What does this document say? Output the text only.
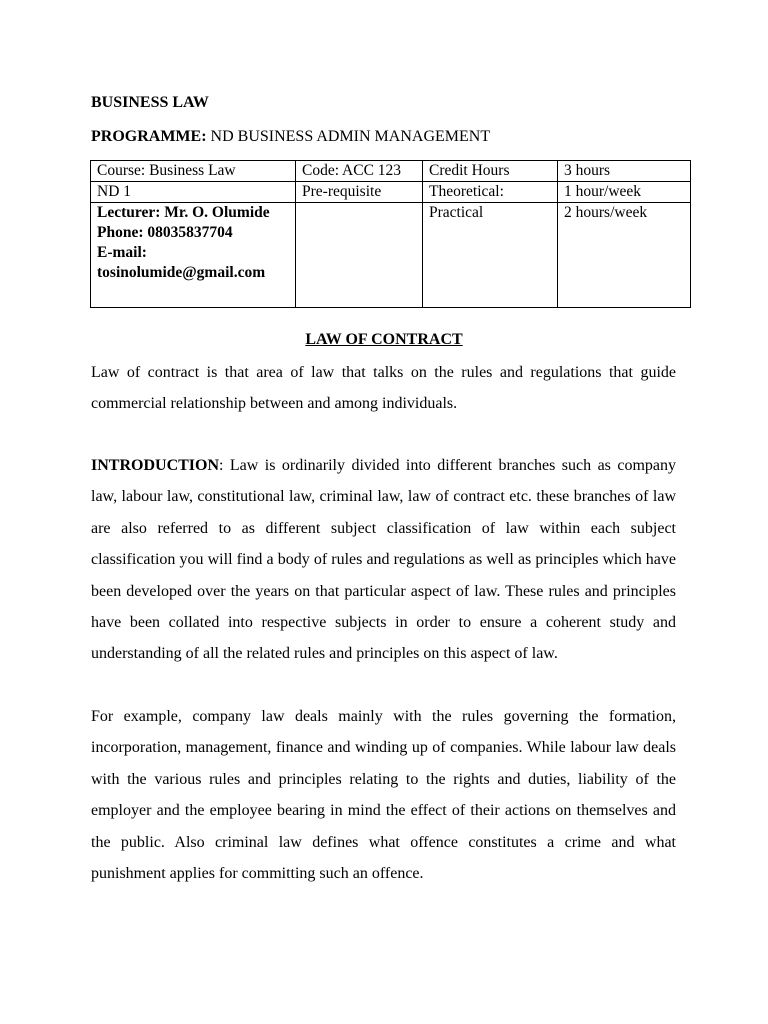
BUSINESS LAW
PROGRAMME: ND BUSINESS ADMIN MANAGEMENT
Course: Business Law	Code: ACC 123	Credit Hours	3 hours
ND 1	Pre-requisite	Theoretical:	1 hour/week

Lecturer: Mr. O. Olumide
Phone: 08035837704
E-mail:
tosinolumide@gmail.com		Practical	2 hours/week
LAW OF CONTRACT
Law of contract is that area of law that talks on the rules and regulations that guide commercial relationship between and among individuals.
INTRODUCTION: Law is ordinarily divided into different branches such as company law, labour law, constitutional law, criminal law, law of contract etc. these branches of law are also referred to as different subject classification of law within each subject classification you will find a body of rules and regulations as well as principles which have been developed over the years on that particular aspect of law. These rules and principles have been collated into respective subjects in order to ensure a coherent study and understanding of all the related rules and principles on this aspect of law.
For example, company law deals mainly with the rules governing the formation, incorporation, management, finance and winding up of companies. While labour law deals with the various rules and principles relating to the rights and duties, liability of the employer and the employee bearing in mind the effect of their actions on themselves and the public. Also criminal law defines what offence constitutes a crime and what punishment applies for committing such an offence.
